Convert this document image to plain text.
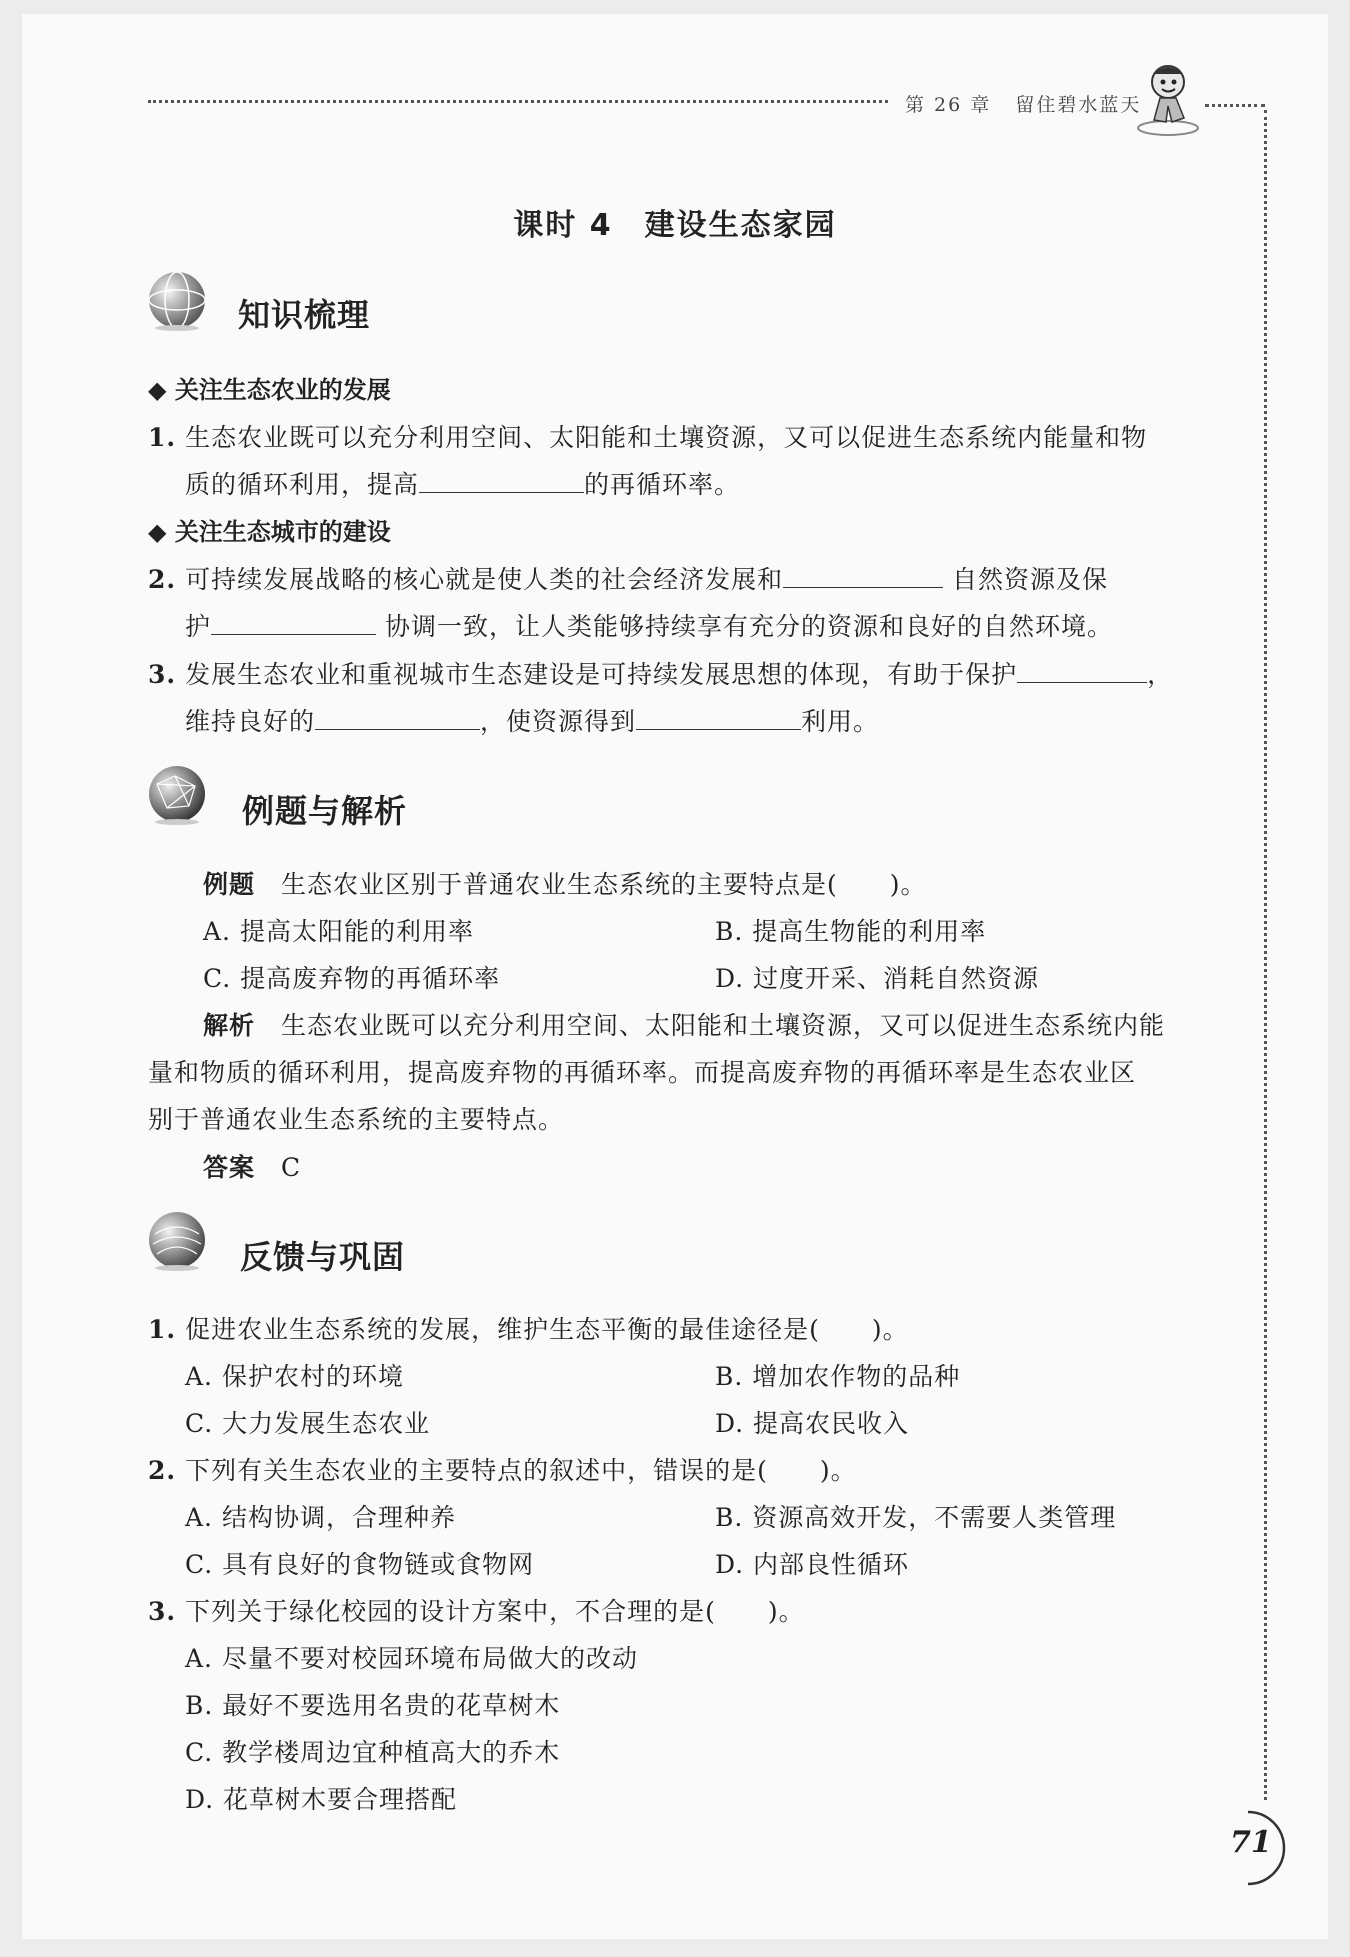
第 26 章 留住碧水蓝天
课时 4　建设生态家园
知识梳理
◆ 关注生态农业的发展
1. 生态农业既可以充分利用空间、太阳能和土壤资源，又可以促进生态系统内能量和物
质的循环利用，提高	的再循环率。
◆ 关注生态城市的建设
2. 可持续发展战略的核心就是使人类的社会经济发展和	自然资源及保
护	协调一致，让人类能够持续享有充分的资源和良好的自然环境。
3. 发展生态农业和重视城市生态建设是可持续发展思想的体现，有助于保护	，
维持良好的	，使资源得到	利用。
例题与解析
例题　 生态农业区别于普通农业生态系统的主要特点是(　　)。
A. 提高太阳能的利用率	B. 提高生物能的利用率
C. 提高废弃物的再循环率	D. 过度开采、消耗自然资源
解析　 生态农业既可以充分利用空间、太阳能和土壤资源，又可以促进生态系统内能
量和物质的循环利用，提高废弃物的再循环率。而提高废弃物的再循环率是生态农业区
别于普通农业生态系统的主要特点。
答案　 C
反馈与巩固
1. 促进农业生态系统的发展，维护生态平衡的最佳途径是(　　)。
A. 保护农村的环境	B. 增加农作物的品种
C. 大力发展生态农业	D. 提高农民收入
2. 下列有关生态农业的主要特点的叙述中，错误的是(　　)。
A. 结构协调，合理种养	B. 资源高效开发，不需要人类管理
C. 具有良好的食物链或食物网	D. 内部良性循环
3. 下列关于绿化校园的设计方案中，不合理的是(　　)。
A. 尽量不要对校园环境布局做大的改动
B. 最好不要选用名贵的花草树木
C. 教学楼周边宜种植高大的乔木
D. 花草树木要合理搭配
71
